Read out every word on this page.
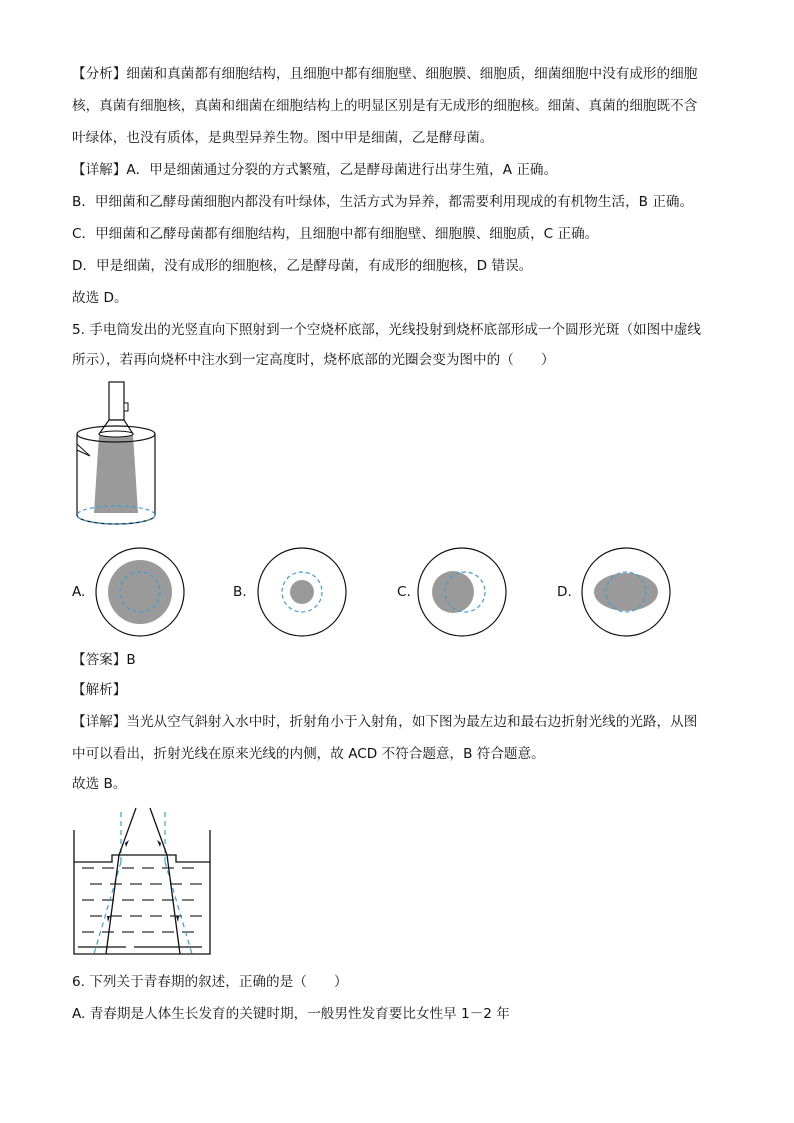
【分析】细菌和真菌都有细胞结构，且细胞中都有细胞壁、细胞膜、细胞质，细菌细胞中没有成形的细胞
核，真菌有细胞核，真菌和细菌在细胞结构上的明显区别是有无成形的细胞核。细菌、真菌的细胞既不含
叶绿体，也没有质体，是典型异养生物。图中甲是细菌，乙是酵母菌。
【详解】A．甲是细菌通过分裂的方式繁殖，乙是酵母菌进行出芽生殖，A 正确。
B．甲细菌和乙酵母菌细胞内都没有叶绿体，生活方式为异养，都需要利用现成的有机物生活，B 正确。
C．甲细菌和乙酵母菌都有细胞结构，且细胞中都有细胞壁、细胞膜、细胞质，C 正确。
D．甲是细菌，没有成形的细胞核，乙是酵母菌，有成形的细胞核，D 错误。
故选 D。
5. 手电筒发出的光竖直向下照射到一个空烧杯底部，光线投射到烧杯底部形成一个圆形光斑（如图中虚线
所示），若再向烧杯中注水到一定高度时，烧杯底部的光圈会变为图中的（　　）
A.	B.	C.	D.
【答案】B
【解析】
【详解】当光从空气斜射入水中时，折射角小于入射角，如下图为最左边和最右边折射光线的光路，从图
中可以看出，折射光线在原来光线的内侧，故 ACD 不符合题意，B 符合题意。
故选 B。
6. 下列关于青春期的叙述，正确的是（　　）
A. 青春期是人体生长发育的关键时期，一般男性发育要比女性早 1－2 年
